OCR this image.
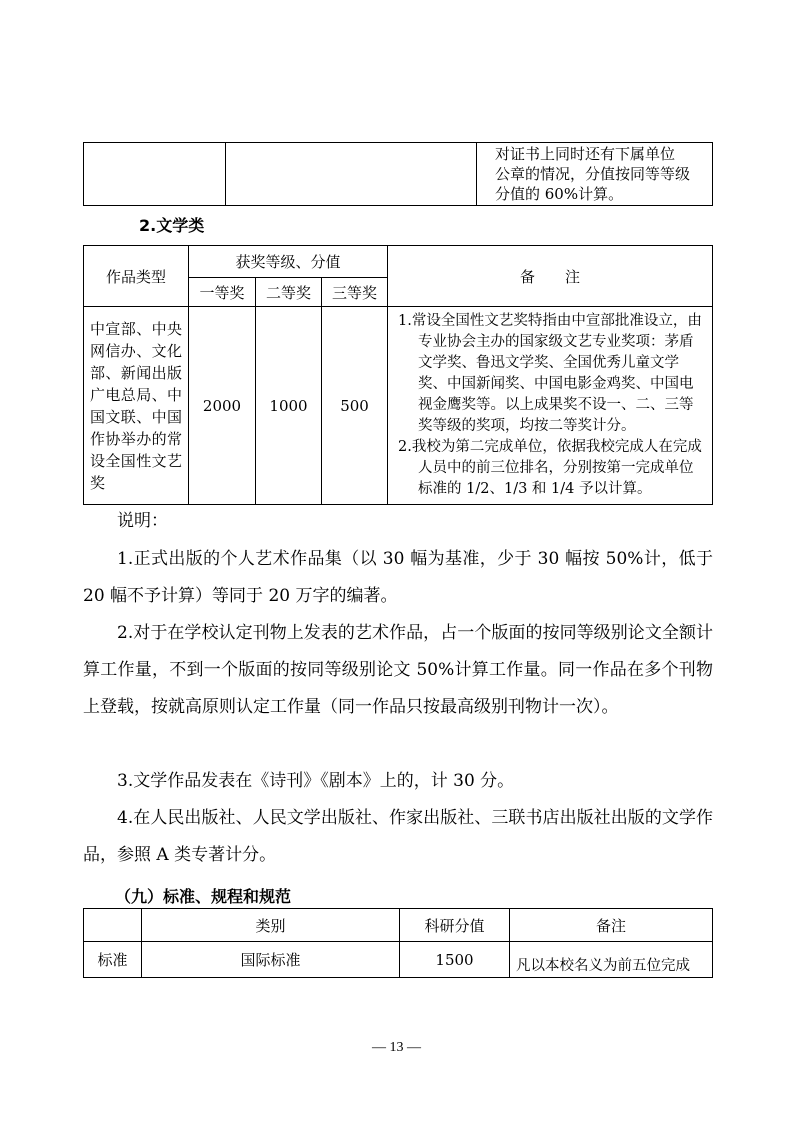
对证书上同时还有下属单位
公章的情况，分值按同等等级
分值的 60%计算。
2.文学类
作品类型	获奖等级、分值			备　　注
	一等奖	二等奖	三等奖	
中宣部、中央网信办、文化部、新闻出版广电总局、中国文联、中国作协举办的常设全国性文艺奖	2000	1000	500	1.常设全国性文艺奖特指由中宣部批准设立，由专业协会主办的国家级文艺专业奖项：茅盾文学奖、鲁迅文学奖、全国优秀儿童文学奖、中国新闻奖、中国电影金鸡奖、中国电视金鹰奖等。以上成果奖不设一、二、三等奖等级的奖项，均按二等奖计分。
2.我校为第二完成单位，依据我校完成人在完成人员中的前三位排名，分别按第一完成单位标准的 1/2、1/3 和 1/4 予以计算。
说明：
1.正式出版的个人艺术作品集（以 30 幅为基准，少于 30 幅按 50%计，低于 20 幅不予计算）等同于 20 万字的编著。
2.对于在学校认定刊物上发表的艺术作品，占一个版面的按同等级别论文全额计算工作量，不到一个版面的按同等级别论文 50%计算工作量。同一作品在多个刊物上登载，按就高原则认定工作量（同一作品只按最高级别刊物计一次）。
3.文学作品发表在《诗刊》《剧本》上的，计 30 分。
4.在人民出版社、人民文学出版社、作家出版社、三联书店出版社出版的文学作品，参照 A 类专著计分。
（九）标准、规程和规范
	类别	科研分值	备注
标准	国际标准	1500	凡以本校名义为前五位完成
— 13 —
